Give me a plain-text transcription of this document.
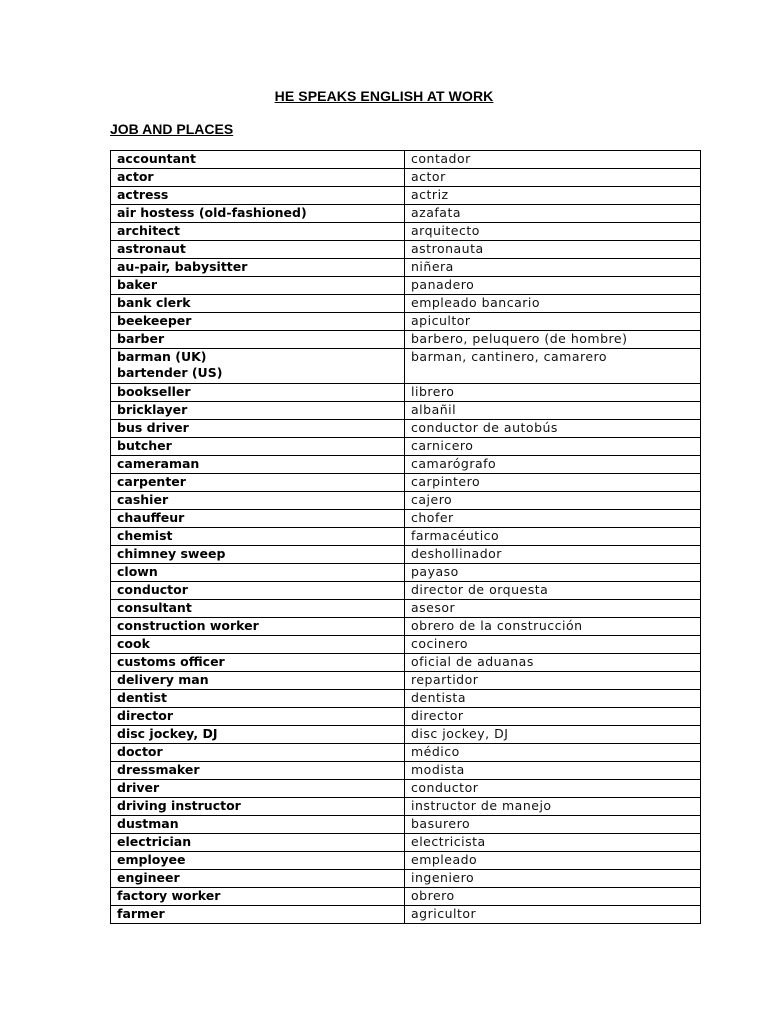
HE SPEAKS ENGLISH AT WORK
JOB AND PLACES
accountant	contador

actor	actor

actress	actriz

air hostess (old-fashioned)	azafata

architect	arquitecto

astronaut	astronauta

au-pair, babysitter	niñera

baker	panadero

bank clerk	empleado bancario

beekeeper	apicultor

barber	barbero, peluquero (de hombre)

barman (UK)
bartender (US)	barman, cantinero, camarero

bookseller	librero

bricklayer	albañil

bus driver	conductor de autobús

butcher	carnicero

cameraman	camarógrafo

carpenter	carpintero

cashier	cajero

chauffeur	chofer

chemist	farmacéutico

chimney sweep	deshollinador

clown	payaso

conductor	director de orquesta

consultant	asesor

construction worker	obrero de la construcción

cook	cocinero

customs officer	oficial de aduanas

delivery man	repartidor

dentist	dentista

director	director

disc jockey, DJ	disc jockey, DJ

doctor	médico

dressmaker	modista

driver	conductor

driving instructor	instructor de manejo

dustman	basurero

electrician	electricista

employee	empleado

engineer	ingeniero

factory worker	obrero

farmer	agricultor
